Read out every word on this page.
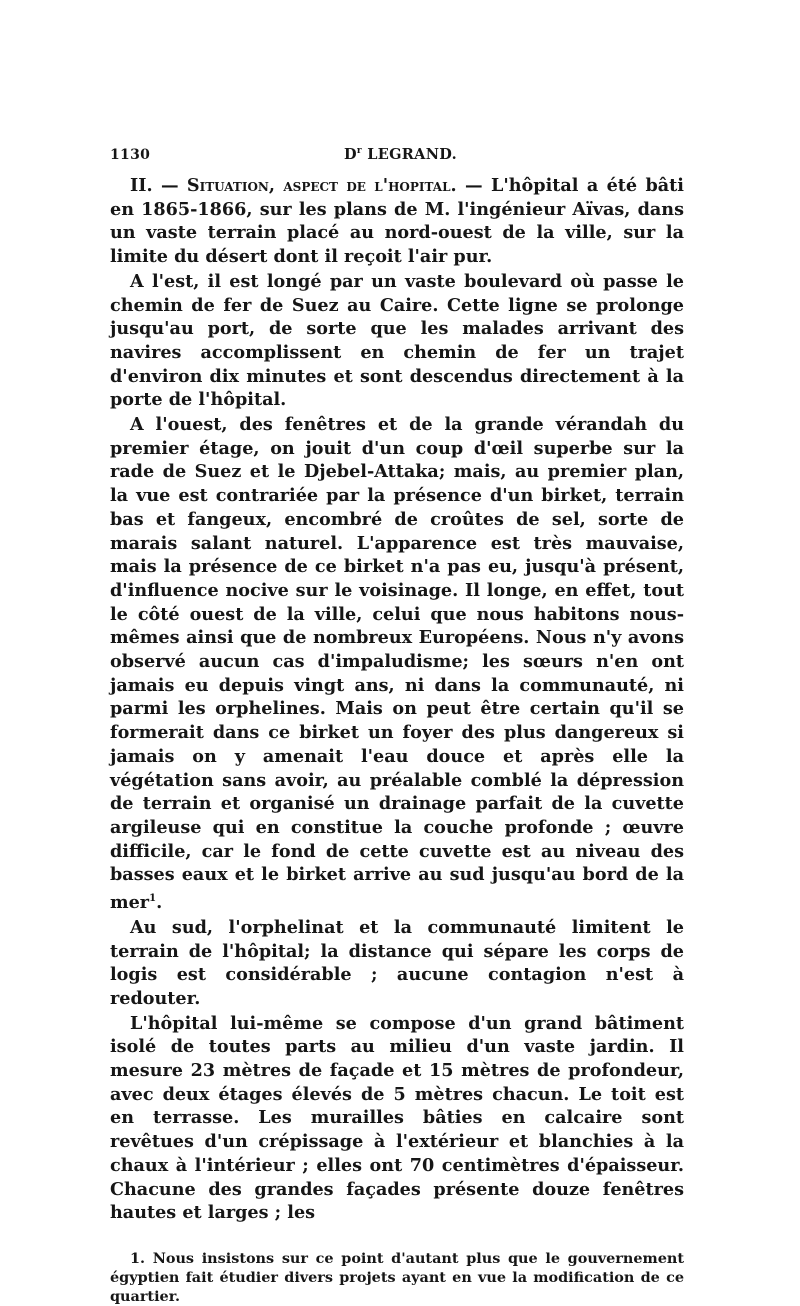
1130	$D^r$ LEGRAND.

II. — Situation, aspect de l'hopital. — L'hôpital a été bâti en 1865-1866, sur les plans de M. l'ingénieur Aïvas, dans un vaste terrain placé au nord-ouest de la ville, sur la limite du désert dont il reçoit l'air pur.

A l'est, il est longé par un vaste boulevard où passe le chemin de fer de Suez au Caire. Cette ligne se prolonge jusqu'au port, de sorte que les malades arrivant des navires accomplissent en chemin de fer un trajet d'environ dix minutes et sont descendus directement à la porte de l'hôpital.

A l'ouest, des fenêtres et de la grande vérandah du premier étage, on jouit d'un coup d'œil superbe sur la rade de Suez et le Djebel-Attaka; mais, au premier plan, la vue est contrariée par la présence d'un birket, terrain bas et fangeux, encombré de croûtes de sel, sorte de marais salant naturel. L'apparence est très mauvaise, mais la présence de ce birket n'a pas eu, jusqu'à présent, d'influence nocive sur le voisinage. Il longe, en effet, tout le côté ouest de la ville, celui que nous habitons nous-mêmes ainsi que de nombreux Européens. Nous n'y avons observé aucun cas d'impaludisme; les sœurs n'en ont jamais eu depuis vingt ans, ni dans la communauté, ni parmi les orphelines. Mais on peut être certain qu'il se formerait dans ce birket un foyer des plus dangereux si jamais on y amenait l'eau douce et après elle la végétation sans avoir, au préalable comblé la dépression de terrain et organisé un drainage parfait de la cuvette argileuse qui en constitue la couche profonde ; œuvre difficile, car le fond de cette cuvette est au niveau des basses eaux et le birket arrive au sud jusqu'au bord de la mer$^1$.

Au sud, l'orphelinat et la communauté limitent le terrain de l'hôpital; la distance qui sépare les corps de logis est considérable ; aucune contagion n'est à redouter.

L'hôpital lui-même se compose d'un grand bâtiment isolé de toutes parts au milieu d'un vaste jardin. Il mesure 23 mètres de façade et 15 mètres de profondeur, avec deux étages élevés de 5 mètres chacun. Le toit est en terrasse. Les murailles bâties en calcaire sont revêtues d'un crépissage à l'extérieur et blanchies à la chaux à l'intérieur ; elles ont 70 centimètres d'épaisseur. Chacune des grandes façades présente douze fenêtres hautes et larges ; les

1. Nous insistons sur ce point d'autant plus que le gouvernement égyptien fait étudier divers projets ayant en vue la modification de ce quartier.
